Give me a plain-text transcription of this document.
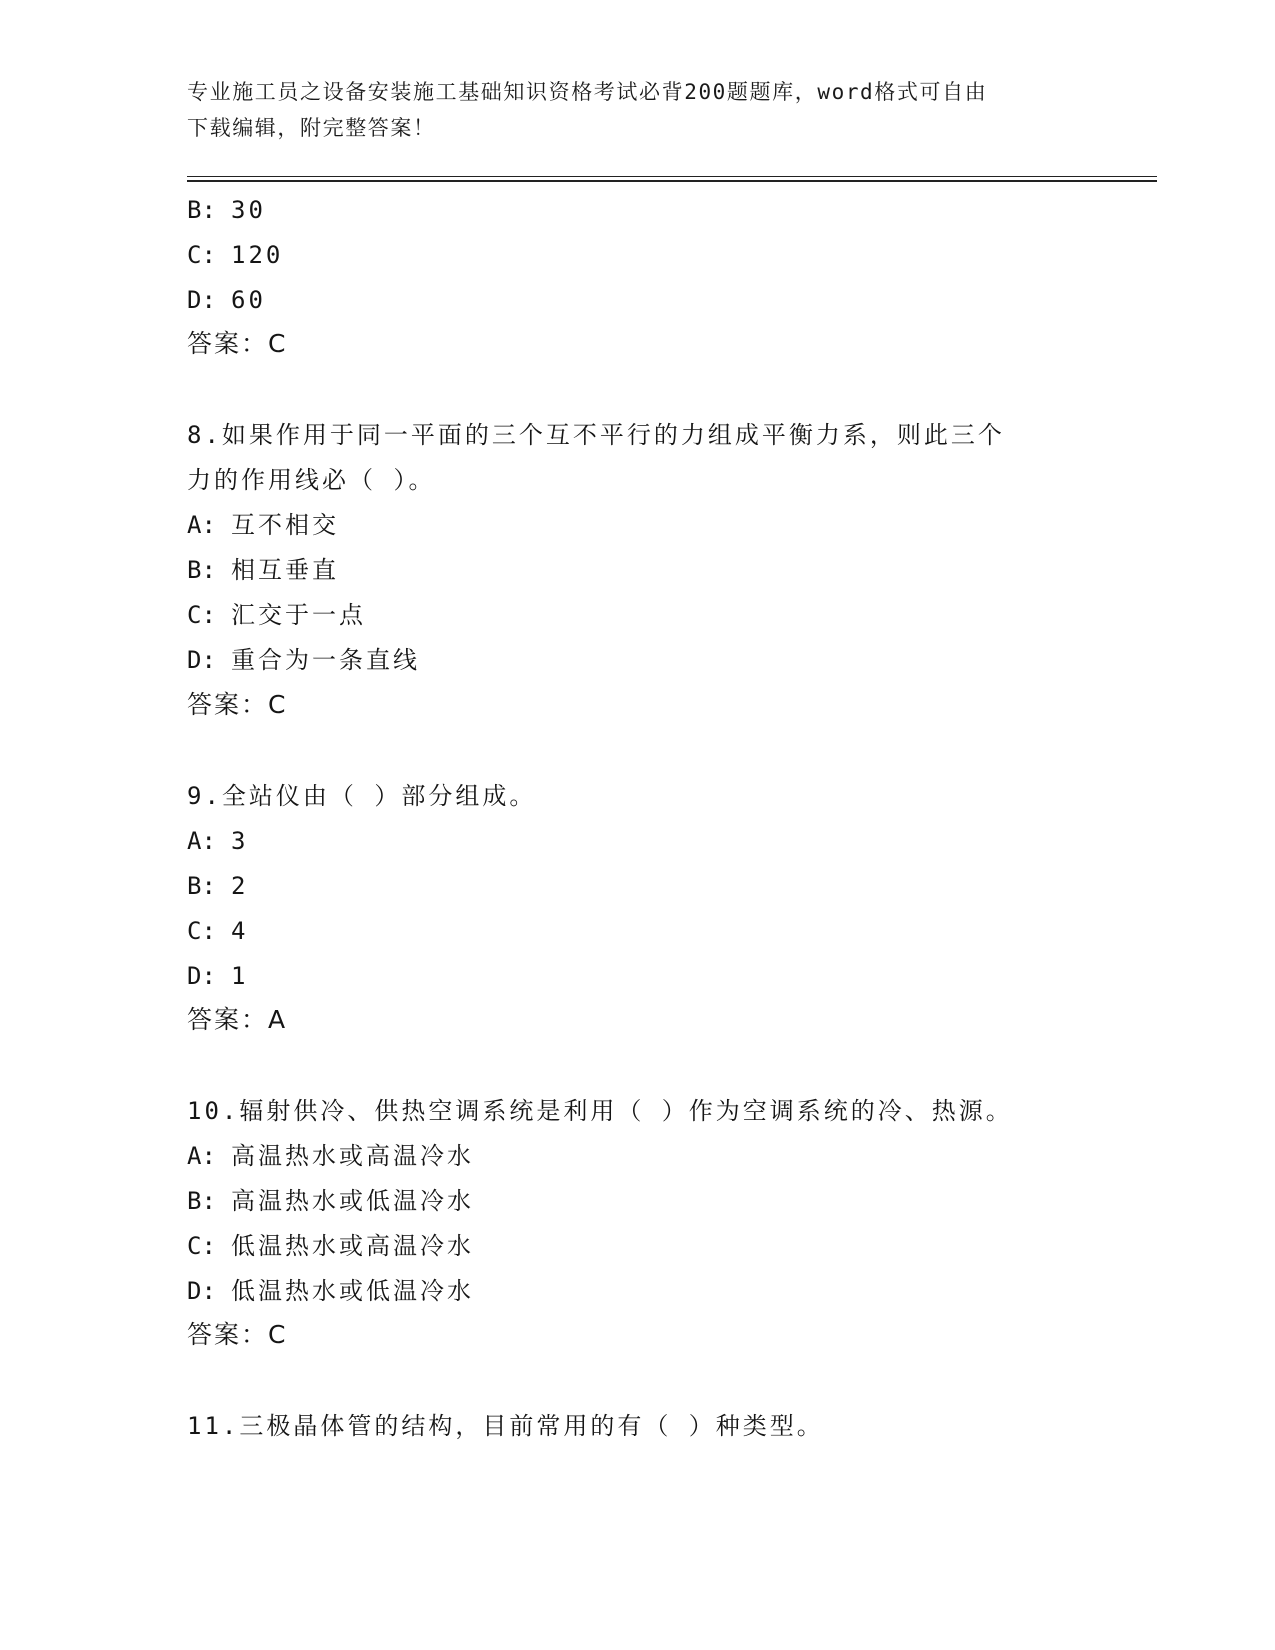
专业施工员之设备安装施工基础知识资格考试必背200题题库，word格式可自由
下载编辑，附完整答案！
B: 30
C: 120
D: 60
答案：C
8.如果作用于同一平面的三个互不平行的力组成平衡力系，则此三个
力的作用线必（ ）。
A: 互不相交
B: 相互垂直
C: 汇交于一点
D: 重合为一条直线
答案：C
9.全站仪由（ ）部分组成。
A: 3
B: 2
C: 4
D: 1
答案：A
10.辐射供冷、供热空调系统是利用（ ）作为空调系统的冷、热源。
A: 高温热水或高温冷水
B: 高温热水或低温冷水
C: 低温热水或高温冷水
D: 低温热水或低温冷水
答案：C
11.三极晶体管的结构，目前常用的有（ ）种类型。
